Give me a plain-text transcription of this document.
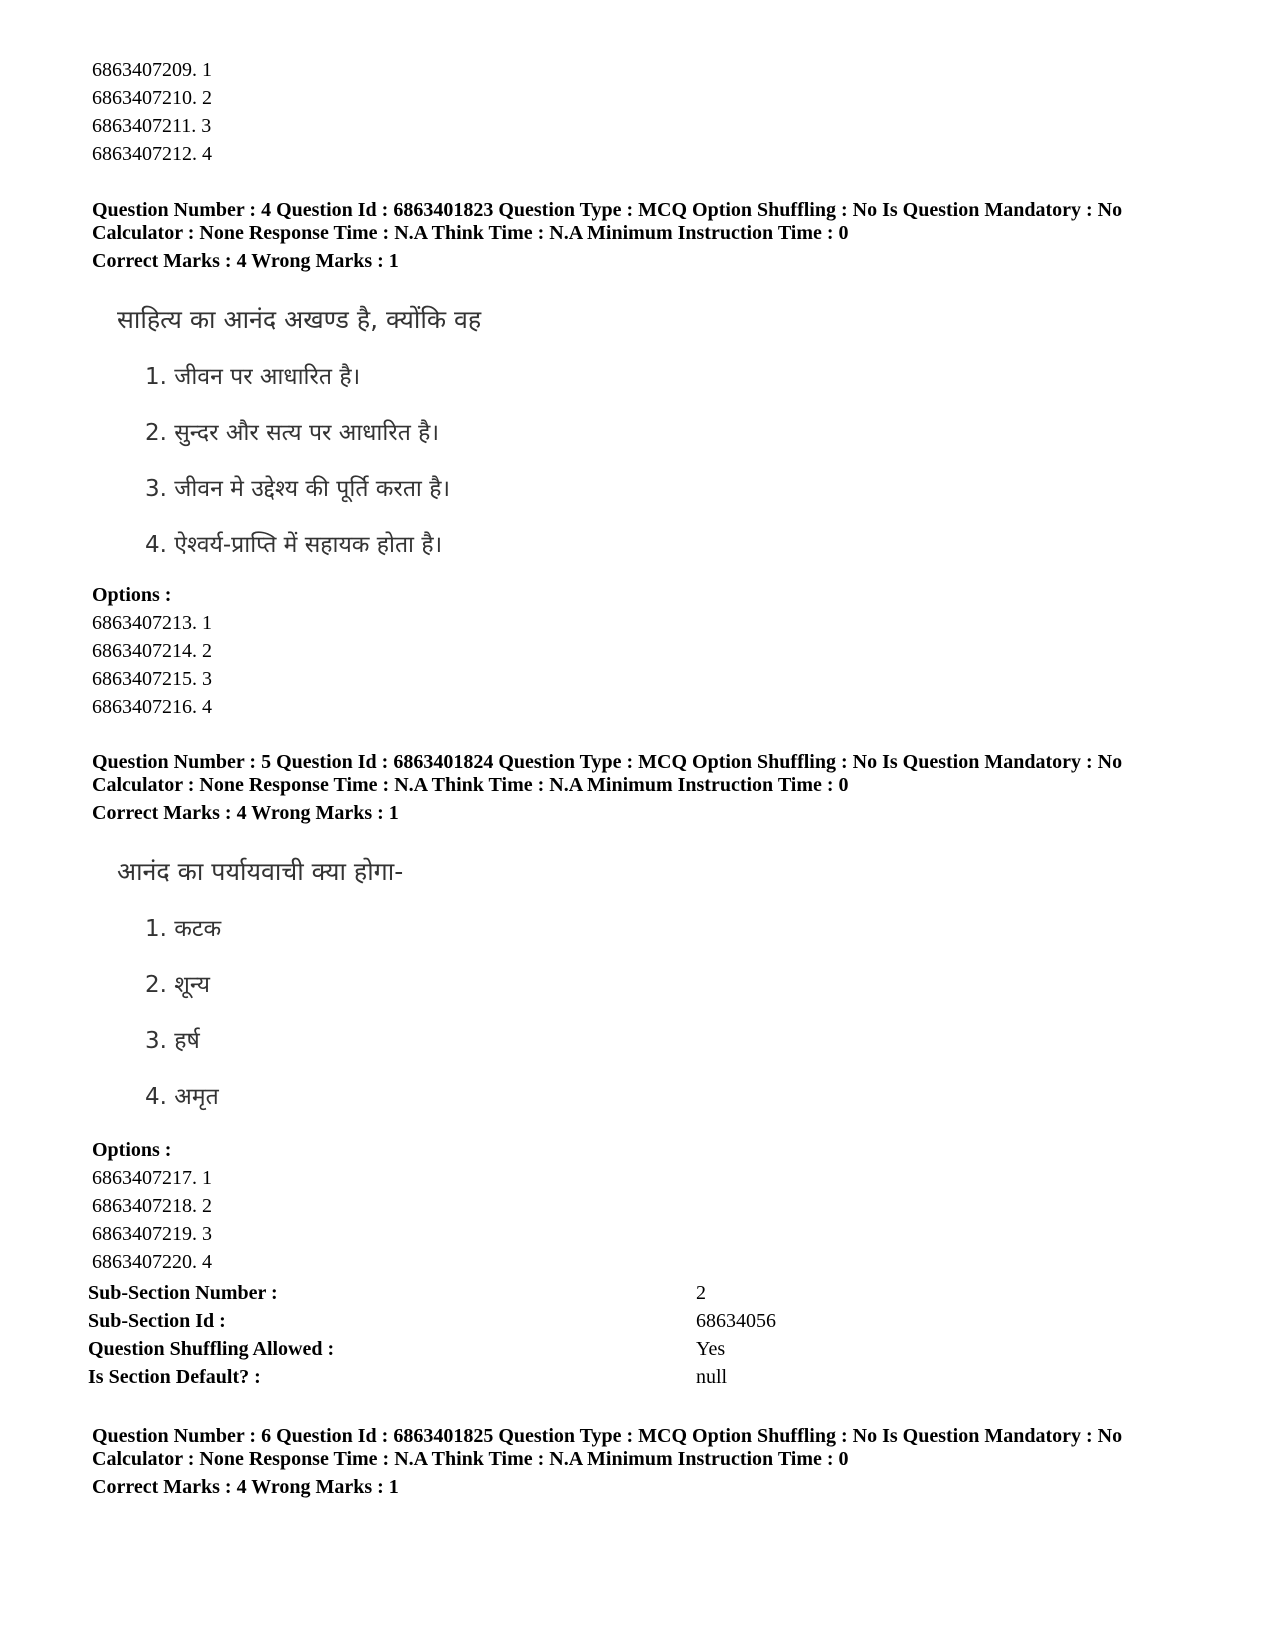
6863407209. 1
6863407210. 2
6863407211. 3
6863407212. 4
Question Number : 4 Question Id : 6863401823 Question Type : MCQ Option Shuffling : No Is Question Mandatory : No
Calculator : None Response Time : N.A Think Time : N.A Minimum Instruction Time : 0
Correct Marks : 4 Wrong Marks : 1
साहित्य का आनंद अखण्ड है, क्योंकि वह
1. जीवन पर आधारित है।
2. सुन्दर और सत्य पर आधारित है।
3. जीवन मे उद्देश्य की पूर्ति करता है।
4. ऐश्वर्य-प्राप्ति में सहायक होता है।
Options :
6863407213. 1
6863407214. 2
6863407215. 3
6863407216. 4
Question Number : 5 Question Id : 6863401824 Question Type : MCQ Option Shuffling : No Is Question Mandatory : No
Calculator : None Response Time : N.A Think Time : N.A Minimum Instruction Time : 0
Correct Marks : 4 Wrong Marks : 1
आनंद का पर्यायवाची क्या होगा-
1. कटक
2. शून्य
3. हर्ष
4. अमृत
Options :
6863407217. 1
6863407218. 2
6863407219. 3
6863407220. 4
Sub-Section Number :	2
Sub-Section Id :	68634056
Question Shuffling Allowed :	Yes
Is Section Default? :	null
Question Number : 6 Question Id : 6863401825 Question Type : MCQ Option Shuffling : No Is Question Mandatory : No
Calculator : None Response Time : N.A Think Time : N.A Minimum Instruction Time : 0
Correct Marks : 4 Wrong Marks : 1
